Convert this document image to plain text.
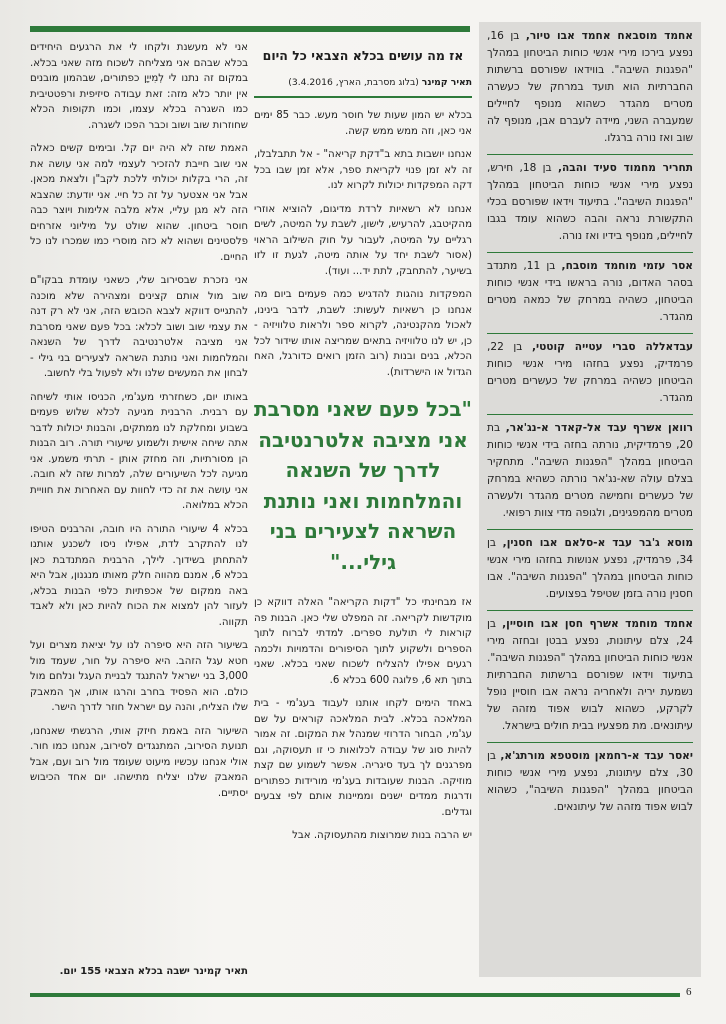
אחמד מוסבאח אחמד אבו טיור, בן 16, נפצע בירכו מירי אנשי כוחות הביטחון במהלך "הפגנות השיבה". בווידאו שפורסם ברשתות החברתיות הוא תועד במרחק של כעשרה מטרים מהגדר כשהוא מנופף לחיילים שמעברה השני, מיידה לעברם אבן, מנופף לה שוב ואז נורה ברגלו.

תחריר מחמוד סעיד והבה, בן 18, חירש, נפצע מירי אנשי כוחות הביטחון במהלך "הפגנות השיבה". בתיעוד וידאו שפורסם בכלי התקשורת נראה והבה כשהוא עומד בגבו לחיילים, מנופף בידיו ואז נורה.

אסר עזמי מוחמד מוסבח, בן 11, מתנדב בסהר האדום, נורה בראשו בידי אנשי כוחות הביטחון, כשהיה במרחק של כמאה מטרים מהגדר.

עבדאללה סברי עטייה קוטטי, בן 22, פרמדיק, נפצע בחזהו מירי אנשי כוחות הביטחון כשהיה במרחק של כעשרים מטרים מהגדר.

רוואן אשרף עבד אל-קאדר א-נג'אר, בת 20, פרמדיקית, נורתה בחזה בידי אנשי כוחות הביטחון במהלך "הפגנות השיבה". מתחקיר בצלם עולה שא-נג'אר נורתה כשהיא במרחק של כעשרים וחמישה מטרים מהגדר ולעשרה מטרים מהמפגינים, ולגופה מדי צוות רפואי.

מוסא ג'בר עבד א-סלאם אבו חסנין, בן 34, פרמדיק, נפצע אנושות בחזהו מירי אנשי כוחות הביטחון במהלך "הפגנות השיבה". אבו חסנין נורה בזמן שטיפל בפצועים.

אחמד מוחמד אשרף חסן אבו חוסיין, בן 24, צלם עיתונות, נפצע בבטן ובחזה מירי אנשי כוחות הביטחון במהלך "הפגנות השיבה". בתיעוד וידאו שפורסם ברשתות החברתיות נשמעת יריה ולאחריה נראה אבו חוסיין נופל לקרקע, כשהוא לבוש אפוד מזהה של עיתונאים. מת מפצעיו בבית חולים בישראל.

יאסר עבד א-רחמאן מוסטפא מורתג'א, בן 30, צלם עיתונות, נפצע מירי אנשי כוחות הביטחון במהלך "הפגנות השיבה", כשהוא לבוש אפוד מזהה של עיתונאים.

אז מה עושים בכלא הצבאי כל היום
תאיר קמינר (בלוג מסרבת, הארץ, 3.4.2016)

בכלא יש המון שעות של חוסר מעש. כבר 85 ימים אני כאן, וזה ממש ממש קשה.

אנחנו יושבות בתא ב"דקת קריאה" - אל תתבלבלו, זה לא זמן פנוי לקריאת ספר, אלא זמן שבו בכל דקה המפקדות יכולות לקרוא לנו.

אנחנו לא רשאיות לרדת מדיגום, להוציא אוזרי מהקיטבג, להרעיש, לישון, לשבת על המיטה, לשים רגליים על המיטה, לעבור על חוק השילוב הראוי (אסור לשבת יחד על אותה מיטה, לגעת זו לזו בשיער, להתחבק, לתת יד... ועוד).

המפקדות נוהגות להדגיש כמה פעמים ביום מה אנחנו כן רשאיות לעשות: לשבת, לדבר בינינו, לאכול מהקנטינה, לקרוא ספר ולראות טלוויזיה - כן, יש לנו טלוויזיה בתאים שמריצה אותו שידור לכל הכלא, בנים ובנות (רוב הזמן רואים כדורגל, האח הגדול או הישרדות).

"בכל פעם שאני מסרבת אני מציבה אלטרנטיבה לדרך של השנאה והמלחמות ואני נותנת השראה לצעירים בני גילי..."

אז מבחינתי כל "דקות הקריאה" האלה דווקא כן מוקדשות לקריאה. זה המפלט שלי כאן. הבנות פה קוראות לי תולעת ספרים. למדתי לברוח לתוך הספרים ולשקוע לתוך הסיפורים והדמויות ולכמה רגעים אפילו להצליח לשכוח שאני בכלא. שאני בתוך תא 6, פלוגה 600 בכלא 6.

באחד הימים לקחו אותנו לעבוד בעג'מי - בית המלאכה בכלא. לבית המלאכה קוראים על שם עג'מי, הבחור הדרוזי שמנהל את המקום. זה אמור להיות סוג של עבודה לכלואות כי זו תעסוקה, וגם מפרגנים לך בעד סיגריה. אפשר לשמוע שם קצת מוזיקה. הבנות שעובדות בעג'מי מורידות כפתורים ודרגות ממדים ישנים וממיינות אותם לפי צבעים וגדלים.

יש הרבה בנות שמרוצות מהתעסוקה. אבל

אני לא מעשנת ולקחו לי את הרגעים היחידים בכלא שבהם אני מצליחה לשכוח מזה שאני בכלא. במקום זה נתנו לי לְמִייָן כפתורים, שבהמון מובנים אין יותר כלא מזה: זאת עבודה סיזיפית ורפטטיבית כמו השגרה בכלא עצמו, וכמו תקופות הכלא שחוזרות שוב ושוב וכבר הפכו לשגרה.

האמת שזה לא היה יום קל. ובימים קשים כאלה אני שוב חייבת להזכיר לעצמי למה אני עושה את זה, הרי בקלות יכולתי ללכת לקב"ן ולצאת מכאן. אבל אני אצטער על זה כל חיי. אני יודעת: שהצבא הזה לא מגן עליי, אלא מלבה אלימות ויוצר כבה חוסר ביטחון. שהוא שולט על מיליוני אזרחים פלסטינים ושהוא לא כזה מוסרי כמו שמכרו לנו כל החיים.

אני נזכרת שבסירוב שלי, כשאני עומדת בבקו"ם שוב מול אותם קצינים ומצהירה שלא מוכנה להתגייס דווקא לצבא הכובש הזה, אני לא רק דנה את עצמי שוב ושוב לכלא: בכל פעם שאני מסרבת אני מציבה אלטרנטיבה לדרך של השנאה והמלחמות ואני נותנת השראה לצעירים בני גילי - לבחון את המעשים שלנו ולא לפעול בלי לחשוב.

באותו יום, כשחזרתי מעג'מי, הכניסו אותי לשיחה עם רבנית. הרבנית מגיעה לכלא שלוש פעמים בשבוע ומחלקת לנו ממתקים, והבנות יכולות לדבר אתה שיחה אישית ולשמוע שיעורי תורה. רוב הבנות הן מסורתיות, וזה מחזק אותן - תרתי משמע. אני מגיעה לכל השיעורים שלה, למרות שזה לא חובה. אני עושה את זה כדי לחוות עם האחרות את חוויית הכלא במלואה.

בכלא 4 שיעורי התורה היו חובה, והרבנים הטיפו לנו להתקרב לדת, אפילו ניסו לשכנע אותנו להתחתן בשידוך. לילך, הרבנית המתנדבת כאן בכלא 6, אמנם מהווה חלק מאותו מנגנון, אבל היא באה ממקום של אכפתיות כלפי הבנות בכלא, לעזור להן למצוא את הכוח להיות כאן ולא לאבד תקווה.

בשיעור הזה היא סיפרה לנו על יציאת מצרים ועל חטא עגל הזהב. היא סיפרה על חור, שעמד מול 3,000 בני ישראל להתנגד לבניית העגל ונלחם מול כולם. הוא הפסיד בחרב והרגו אותו, אך המאבק שלו הצליח, והנה עם ישראל חוזר לדרך הישר.

השיעור הזה באמת חיזק אותי, הרגשתי שאנחנו, תנועת הסירוב, המתנגדים לסירוב, אנחנו כמו חור. אולי אנחנו עכשיו מיעוט שעומד מול רוב ועם, אבל המאבק שלנו יצליח מתישהו. יום אחד הכיבוש יסתיים.

תאיר קמינר ישבה בכלא הצבאי 155 יום.
6
